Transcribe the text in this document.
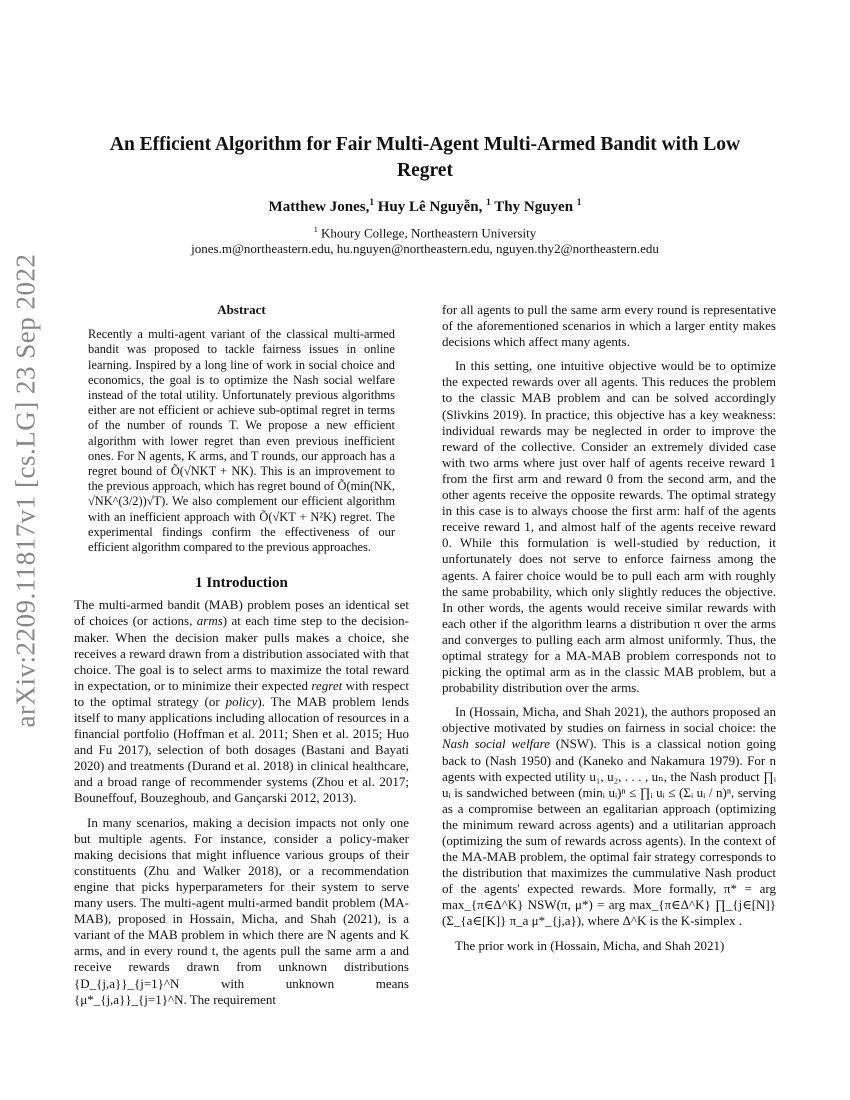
arXiv:2209.11817v1 [cs.LG] 23 Sep 2022
An Efficient Algorithm for Fair Multi-Agent Multi-Armed Bandit with Low Regret
Matthew Jones,$^1$ Huy Lê Nguyễn, $^1$ Thy Nguyen $^1$
$^1$ Khoury College, Northeastern University
jones.m@northeastern.edu, hu.nguyen@northeastern.edu, nguyen.thy2@northeastern.edu
Abstract

Recently a multi-agent variant of the classical multi-armed bandit was proposed to tackle fairness issues in online learning. Inspired by a long line of work in social choice and economics, the goal is to optimize the Nash social welfare instead of the total utility. Unfortunately previous algorithms either are not efficient or achieve sub-optimal regret in terms of the number of rounds T. We propose a new efficient algorithm with lower regret than even previous inefficient ones. For N agents, K arms, and T rounds, our approach has a regret bound of Õ(√NKT + NK). This is an improvement to the previous approach, which has regret bound of Õ(min(NK, √NK^(3/2))√T). We also complement our efficient algorithm with an inefficient approach with Õ(√KT + N²K) regret. The experimental findings confirm the effectiveness of our efficient algorithm compared to the previous approaches.

1 Introduction

The multi-armed bandit (MAB) problem poses an identical set of choices (or actions, arms) at each time step to the decision-maker. When the decision maker pulls makes a choice, she receives a reward drawn from a distribution associated with that choice. The goal is to select arms to maximize the total reward in expectation, or to minimize their expected regret with respect to the optimal strategy (or policy). The MAB problem lends itself to many applications including allocation of resources in a financial portfolio (Hoffman et al. 2011; Shen et al. 2015; Huo and Fu 2017), selection of both dosages (Bastani and Bayati 2020) and treatments (Durand et al. 2018) in clinical healthcare, and a broad range of recommender systems (Zhou et al. 2017; Bouneffouf, Bouzeghoub, and Gançarski 2012, 2013).

In many scenarios, making a decision impacts not only one but multiple agents. For instance, consider a policy-maker making decisions that might influence various groups of their constituents (Zhu and Walker 2018), or a recommendation engine that picks hyperparameters for their system to serve many users. The multi-agent multi-armed bandit problem (MA-MAB), proposed in Hossain, Micha, and Shah (2021), is a variant of the MAB problem in which there are N agents and K arms, and in every round t, the agents pull the same arm a and receive rewards drawn from unknown distributions {D_{j,a}}_{j=1}^N with unknown means {μ*_{j,a}}_{j=1}^N. The requirement

for all agents to pull the same arm every round is representative of the aforementioned scenarios in which a larger entity makes decisions which affect many agents.

In this setting, one intuitive objective would be to optimize the expected rewards over all agents. This reduces the problem to the classic MAB problem and can be solved accordingly (Slivkins 2019). In practice, this objective has a key weakness: individual rewards may be neglected in order to improve the reward of the collective. Consider an extremely divided case with two arms where just over half of agents receive reward 1 from the first arm and reward 0 from the second arm, and the other agents receive the opposite rewards. The optimal strategy in this case is to always choose the first arm: half of the agents receive reward 1, and almost half of the agents receive reward 0. While this formulation is well-studied by reduction, it unfortunately does not serve to enforce fairness among the agents. A fairer choice would be to pull each arm with roughly the same probability, which only slightly reduces the objective. In other words, the agents would receive similar rewards with each other if the algorithm learns a distribution π over the arms and converges to pulling each arm almost uniformly. Thus, the optimal strategy for a MA-MAB problem corresponds not to picking the optimal arm as in the classic MAB problem, but a probability distribution over the arms.

In (Hossain, Micha, and Shah 2021), the authors proposed an objective motivated by studies on fairness in social choice: the Nash social welfare (NSW). This is a classical notion going back to (Nash 1950) and (Kaneko and Nakamura 1979). For n agents with expected utility u₁, u₂, . . . , uₙ, the Nash product ∏ᵢ uᵢ is sandwiched between (minᵢ uᵢ)ⁿ ≤ ∏ᵢ uᵢ ≤ (Σᵢ uᵢ / n)ⁿ, serving as a compromise between an egalitarian approach (optimizing the minimum reward across agents) and a utilitarian approach (optimizing the sum of rewards across agents). In the context of the MA-MAB problem, the optimal fair strategy corresponds to the distribution that maximizes the cummulative Nash product of the agents' expected rewards. More formally, π* = arg max_{π∈Δ^K} NSW(π, μ*) = arg max_{π∈Δ^K} ∏_{j∈[N]} (Σ_{a∈[K]} π_a μ*_{j,a}), where Δ^K is the K-simplex .

The prior work in (Hossain, Micha, and Shah 2021)
